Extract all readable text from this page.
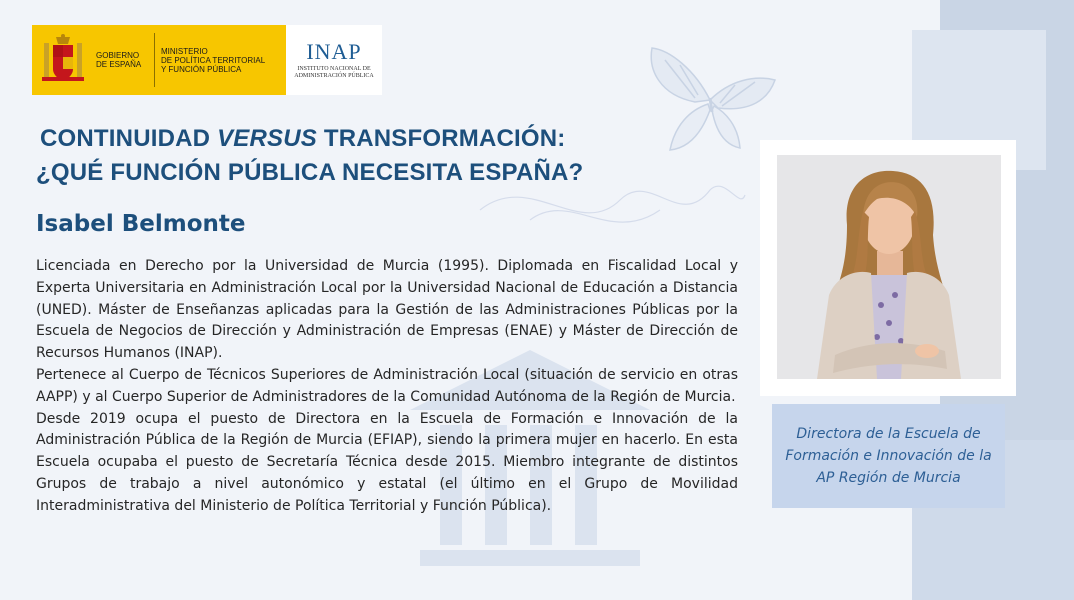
GOBIERNO
DE ESPAÑA
MINISTERIO
DE POLÍTICA TERRITORIAL
Y FUNCIÓN PÚBLICA
INAP
INSTITUTO NACIONAL DE
ADMINISTRACIÓN PÚBLICA
CONTINUIDAD VERSUS TRANSFORMACIÓN:
¿QUÉ FUNCIÓN PÚBLICA NECESITA ESPAÑA?
Isabel Belmonte

Licenciada en Derecho por la Universidad de Murcia (1995). Diplomada en Fiscalidad Local y Experta Universitaria en Administración Local por la Universidad Nacional de Educación a Distancia (UNED). Máster de Enseñanzas aplicadas para la Gestión de las Administraciones Públicas por la Escuela de Negocios de Dirección y Administración de Empresas (ENAE) y Máster de Dirección de Recursos Humanos (INAP).

Pertenece al Cuerpo de Técnicos Superiores de Administración Local (situación de servicio en otras AAPP) y al Cuerpo Superior de Administradores de la Comunidad Autónoma de la Región de Murcia.

Desde 2019 ocupa el puesto de Directora en la Escuela de Formación e Innovación de la Administración Pública de la Región de Murcia (EFIAP), siendo la primera mujer en hacerlo. En esta Escuela ocupaba el puesto de Secretaría Técnica desde 2015. Miembro integrante de distintos Grupos de trabajo a nivel autonómico y estatal (el último en el Grupo de Movilidad Interadministrativa del Ministerio de Política Territorial y Función Pública).

Directora de la Escuela de Formación e Innovación de la AP Región de Murcia
